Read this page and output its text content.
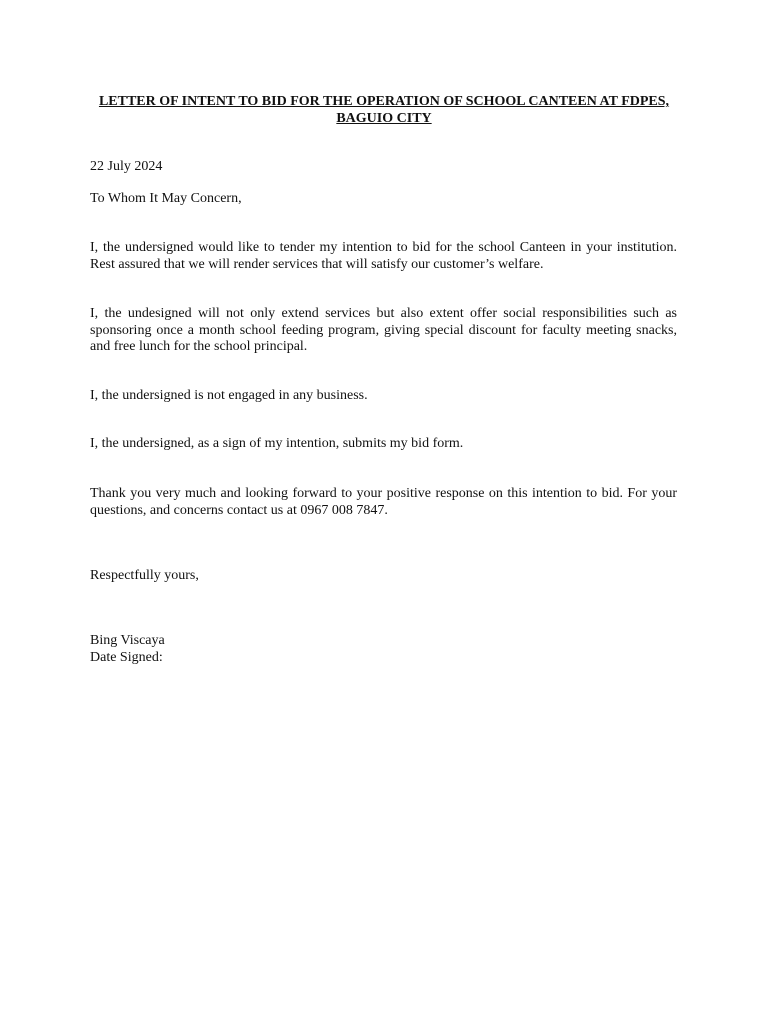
LETTER OF INTENT TO BID FOR THE OPERATION OF SCHOOL CANTEEN AT FDPES, BAGUIO CITY
22 July 2024
To Whom It May Concern,
I, the undersigned would like to tender my intention to bid for the school Canteen in your institution. Rest assured that we will render services that will satisfy our customer’s welfare.
I, the undesigned will not only extend services but also extent offer social responsibilities such as sponsoring once a month school feeding program, giving special discount for faculty meeting snacks, and free lunch for the school principal.
I, the undersigned is not engaged in any business.
I, the undersigned, as a sign of my intention, submits my bid form.
Thank you very much and looking forward to your positive response on this intention to bid. For your questions, and concerns contact us at 0967 008 7847.
Respectfully yours,
Bing Viscaya
Date Signed:
